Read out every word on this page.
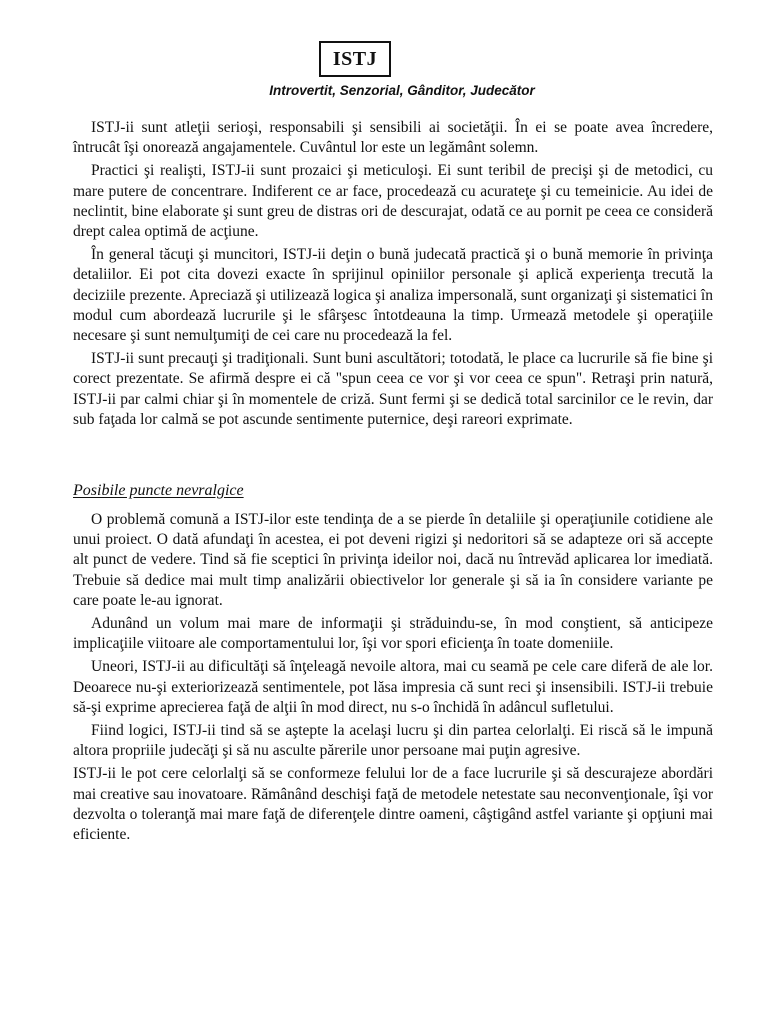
ISTJ
Introvertit, Senzorial, Gânditor, Judecător

ISTJ-ii sunt atleţii serioşi, responsabili şi sensibili ai societăţii. În ei se poate avea încredere, întrucât îşi onorează angajamentele. Cuvântul lor este un legământ solemn.

Practici şi realişti, ISTJ-ii sunt prozaici şi meticuloşi. Ei sunt teribil de precişi şi de metodici, cu mare putere de concentrare. Indiferent ce ar face, procedează cu acurateţe şi cu temeinicie. Au idei de neclintit, bine elaborate şi sunt greu de distras ori de descurajat, odată ce au pornit pe ceea ce consideră drept calea optimă de acţiune.

În general tăcuţi şi muncitori, ISTJ-ii deţin o bună judecată practică şi o bună memorie în privinţa detaliilor. Ei pot cita dovezi exacte în sprijinul opiniilor personale şi aplică experienţa trecută la deciziile prezente. Apreciază şi utilizează logica şi analiza impersonală, sunt organizaţi şi sistematici în modul cum abordează lucrurile şi le sfârşesc întotdeauna la timp. Urmează metodele şi operaţiile necesare şi sunt nemulţumiţi de cei care nu procedează la fel.

ISTJ-ii sunt precauţi şi tradiţionali. Sunt buni ascultători; totodată, le place ca lucrurile să fie bine şi corect prezentate. Se afirmă despre ei că "spun ceea ce vor şi vor ceea ce spun". Retraşi prin natură, ISTJ-ii par calmi chiar şi în momentele de criză. Sunt fermi şi se dedică total sarcinilor ce le revin, dar sub faţada lor calmă se pot ascunde sentimente puternice, deşi rareori exprimate.

Posibile puncte nevralgice

O problemă comună a ISTJ-ilor este tendinţa de a se pierde în detaliile şi operaţiunile cotidiene ale unui proiect. O dată afundaţi în acestea, ei pot deveni rigizi şi nedoritori să se adapteze ori să accepte alt punct de vedere. Tind să fie sceptici în privinţa ideilor noi, dacă nu întrevăd aplicarea lor imediată. Trebuie să dedice mai mult timp analizării obiectivelor lor generale şi să ia în considere variante pe care poate le-au ignorat.

Adunând un volum mai mare de informaţii şi străduindu-se, în mod conştient, să anticipeze implicaţiile viitoare ale comportamentului lor, îşi vor spori eficienţa în toate domeniile.

Uneori, ISTJ-ii au dificultăţi să înţeleagă nevoile altora, mai cu seamă pe cele care diferă de ale lor. Deoarece nu-şi exteriorizează sentimentele, pot lăsa impresia că sunt reci şi insensibili. ISTJ-ii trebuie să-şi exprime aprecierea faţă de alţii în mod direct, nu s-o închidă în adâncul sufletului.

Fiind logici, ISTJ-ii tind să se aştepte la acelaşi lucru şi din partea celorlalţi. Ei riscă să le impună altora propriile judecăţi şi să nu asculte părerile unor persoane mai puţin agresive.

ISTJ-ii le pot cere celorlalţi să se conformeze felului lor de a face lucrurile şi să descurajeze abordări mai creative sau inovatoare. Rămânând deschişi faţă de metodele netestate sau neconvenţionale, îşi vor dezvolta o toleranţă mai mare faţă de diferenţele dintre oameni, câştigând astfel variante şi opţiuni mai eficiente.
